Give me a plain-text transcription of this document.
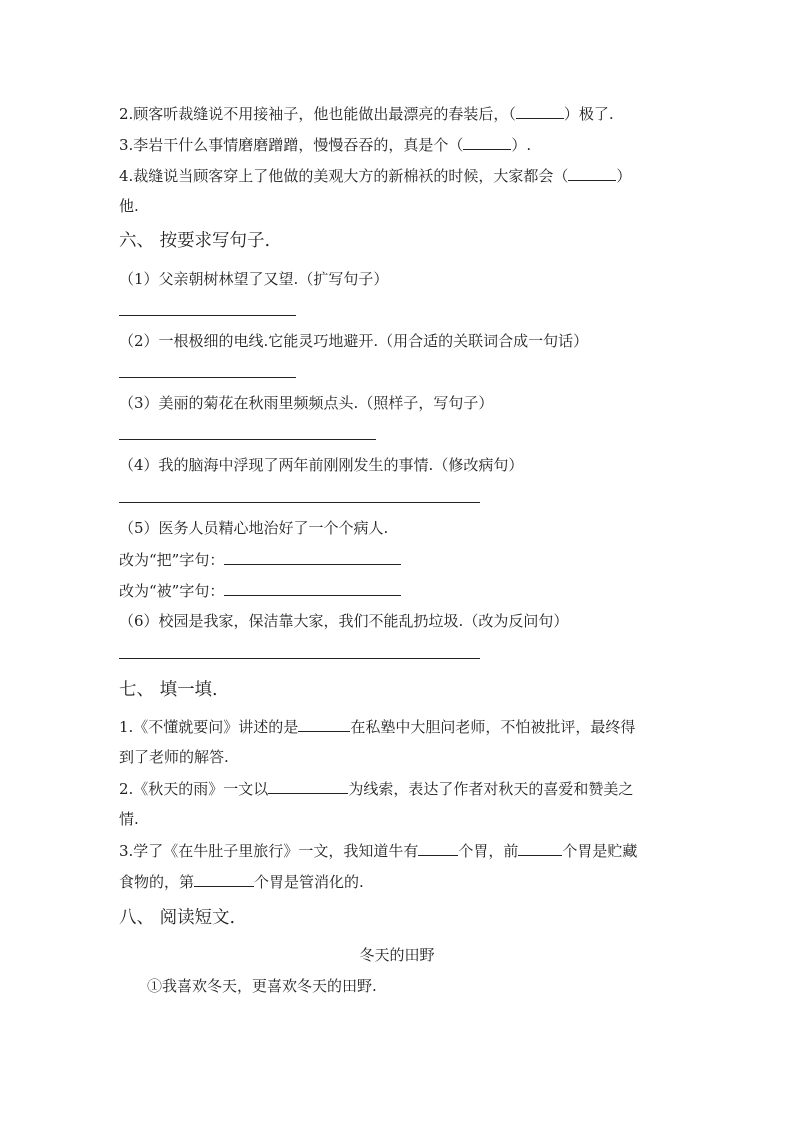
2.顾客听裁缝说不用接袖子，他也能做出最漂亮的春装后，（	）极了.
3.李岩干什么事情磨磨蹭蹭，慢慢吞吞的，真是个（	）.
4.裁缝说当顾客穿上了他做的美观大方的新棉袄的时候，大家都会（	）
他.
六、 按要求写句子.
（1）父亲朝树林望了又望.（扩写句子）
（2）一根极细的电线.它能灵巧地避开.（用合适的关联词合成一句话）
（3）美丽的菊花在秋雨里频频点头.（照样子，写句子）
（4）我的脑海中浮现了两年前刚刚发生的事情.（修改病句）
（5）医务人员精心地治好了一个个病人.
改为“把”字句：
改为“被”字句：
（6）校园是我家，保洁靠大家，我们不能乱扔垃圾.（改为反问句）
七、 填一填.
1.《不懂就要问》讲述的是	在私塾中大胆问老师，不怕被批评，最终得
到了老师的解答.
2.《秋天的雨》一文以	为线索，表达了作者对秋天的喜爱和赞美之
情.
3.学了《在牛肚子里旅行》一文，我知道牛有	个胃，前	个胃是贮藏
食物的，第	个胃是管消化的.
八、 阅读短文.
冬天的田野
①我喜欢冬天，更喜欢冬天的田野.
